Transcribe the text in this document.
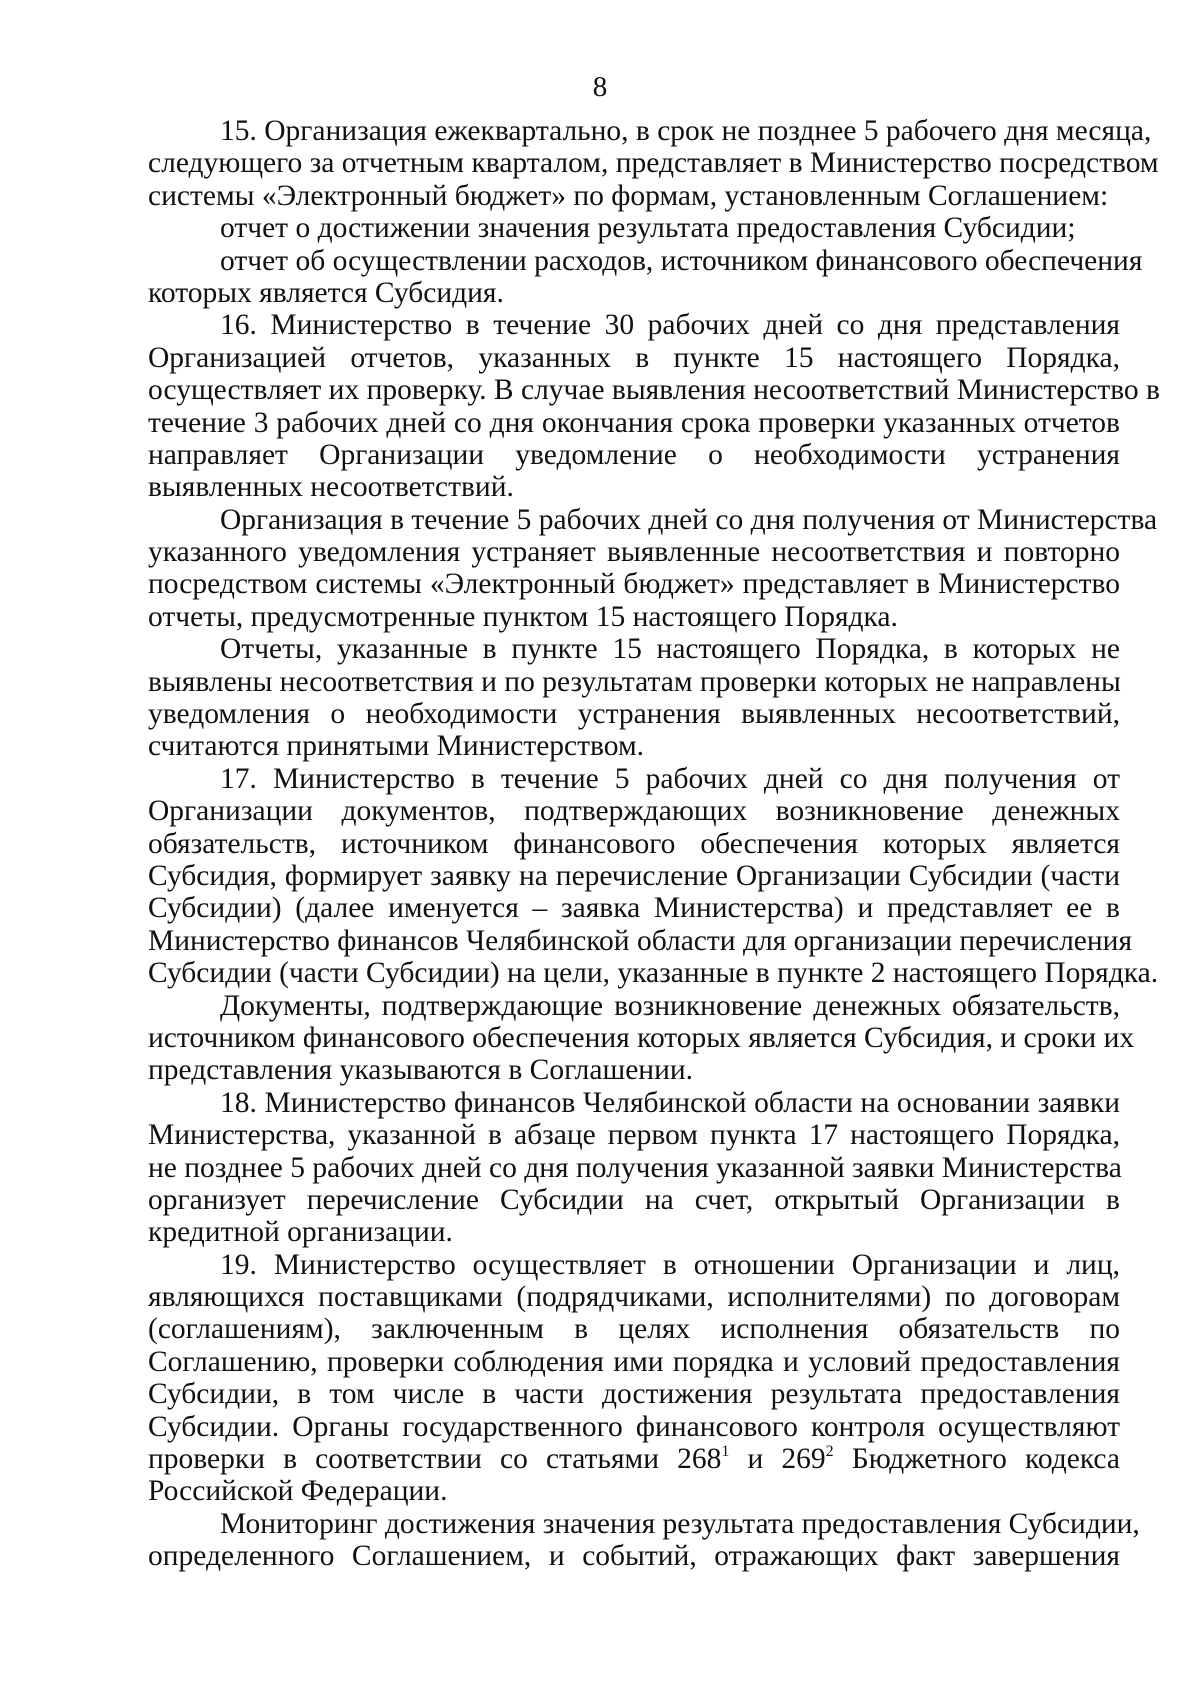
8
15. Организация ежеквартально, в срок не позднее 5 рабочего дня месяца,
следующего за отчетным кварталом, представляет в Министерство посредством
системы «Электронный бюджет» по формам, установленным Соглашением:
отчет о достижении значения результата предоставления Субсидии;
отчет об осуществлении расходов, источником финансового обеспечения
которых является Субсидия.
16. Министерство в течение 30 рабочих дней со дня представления
Организацией отчетов, указанных в пункте 15 настоящего Порядка,
осуществляет их проверку. В случае выявления несоответствий Министерство в
течение 3 рабочих дней со дня окончания срока проверки указанных отчетов
направляет Организации уведомление о необходимости устранения
выявленных несоответствий.
Организация в течение 5 рабочих дней со дня получения от Министерства
указанного уведомления устраняет выявленные несоответствия и повторно
посредством системы «Электронный бюджет» представляет в Министерство
отчеты, предусмотренные пунктом 15 настоящего Порядка.
Отчеты, указанные в пункте 15 настоящего Порядка, в которых не
выявлены несоответствия и по результатам проверки которых не направлены
уведомления о необходимости устранения выявленных несоответствий,
считаются принятыми Министерством.
17. Министерство в течение 5 рабочих дней со дня получения от
Организации документов, подтверждающих возникновение денежных
обязательств, источником финансового обеспечения которых является
Субсидия, формирует заявку на перечисление Организации Субсидии (части
Субсидии) (далее именуется – заявка Министерства) и представляет ее в
Министерство финансов Челябинской области для организации перечисления
Субсидии (части Субсидии) на цели, указанные в пункте 2 настоящего Порядка.
Документы, подтверждающие возникновение денежных обязательств,
источником финансового обеспечения которых является Субсидия, и сроки их
представления указываются в Соглашении.
18. Министерство финансов Челябинской области на основании заявки
Министерства, указанной в абзаце первом пункта 17 настоящего Порядка,
не позднее 5 рабочих дней со дня получения указанной заявки Министерства
организует перечисление Субсидии на счет, открытый Организации в
кредитной организации.
19. Министерство осуществляет в отношении Организации и лиц,
являющихся поставщиками (подрядчиками, исполнителями) по договорам
(соглашениям), заключенным в целях исполнения обязательств по
Соглашению, проверки соблюдения ими порядка и условий предоставления
Субсидии, в том числе в части достижения результата предоставления
Субсидии. Органы государственного финансового контроля осуществляют
проверки в соответствии со статьями $268^1$ и $269^2$ Бюджетного кодекса
Российской Федерации.
Мониторинг достижения значения результата предоставления Субсидии,
определенного Соглашением, и событий, отражающих факт завершения
